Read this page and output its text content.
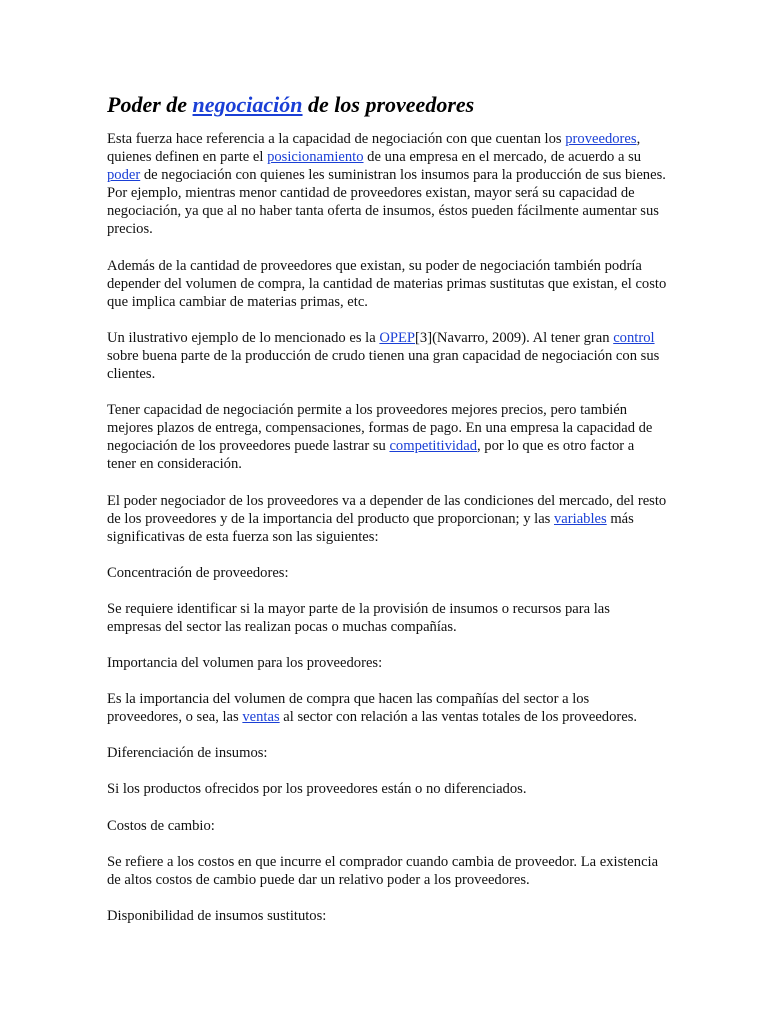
Poder de negociación de los proveedores

Esta fuerza hace referencia a la capacidad de negociación con que cuentan los proveedores, quienes definen en parte el posicionamiento de una empresa en el mercado, de acuerdo a su poder de negociación con quienes les suministran los insumos para la producción de sus bienes. Por ejemplo, mientras menor cantidad de proveedores existan, mayor será su capacidad de negociación, ya que al no haber tanta oferta de insumos, éstos pueden fácilmente aumentar sus precios.

Además de la cantidad de proveedores que existan, su poder de negociación también podría depender del volumen de compra, la cantidad de materias primas sustitutas que existan, el costo que implica cambiar de materias primas, etc.

Un ilustrativo ejemplo de lo mencionado es la OPEP[3](Navarro, 2009). Al tener gran control sobre buena parte de la producción de crudo tienen una gran capacidad de negociación con sus clientes.

Tener capacidad de negociación permite a los proveedores mejores precios, pero también mejores plazos de entrega, compensaciones, formas de pago. En una empresa la capacidad de negociación de los proveedores puede lastrar su competitividad, por lo que es otro factor a tener en consideración.

El poder negociador de los proveedores va a depender de las condiciones del mercado, del resto de los proveedores y de la importancia del producto que proporcionan; y las variables más significativas de esta fuerza son las siguientes:

Concentración de proveedores:

Se requiere identificar si la mayor parte de la provisión de insumos o recursos para las empresas del sector las realizan pocas o muchas compañías.

Importancia del volumen para los proveedores:

Es la importancia del volumen de compra que hacen las compañías del sector a los proveedores, o sea, las ventas al sector con relación a las ventas totales de los proveedores.

Diferenciación de insumos:

Si los productos ofrecidos por los proveedores están o no diferenciados.

Costos de cambio:

Se refiere a los costos en que incurre el comprador cuando cambia de proveedor. La existencia de altos costos de cambio puede dar un relativo poder a los proveedores.

Disponibilidad de insumos sustitutos:
